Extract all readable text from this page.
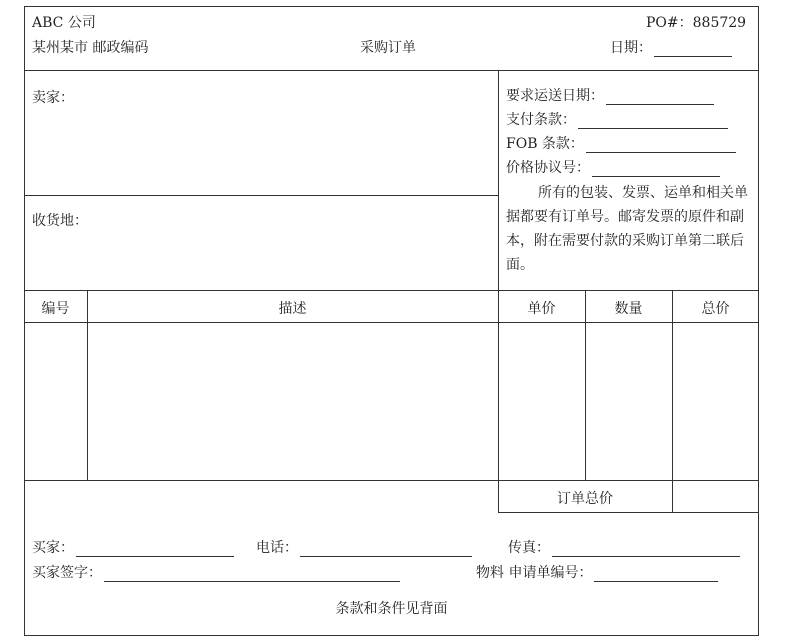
ABC 公司
某州某市 邮政编码	采购订单
PO#：885729
日期：
卖家：
收货地：
要求运送日期：
支付条款：
FOB 条款：
价格协议号：
所有的包装、发票、运单和相关单据都要有订单号。邮寄发票的原件和副本，附在需要付款的采购订单第二联后面。
编号	描述	单价	数量	总价
订单总价
买家：	电话：	传真：
买家签字：	物料 申请单编号：
条款和条件见背面
